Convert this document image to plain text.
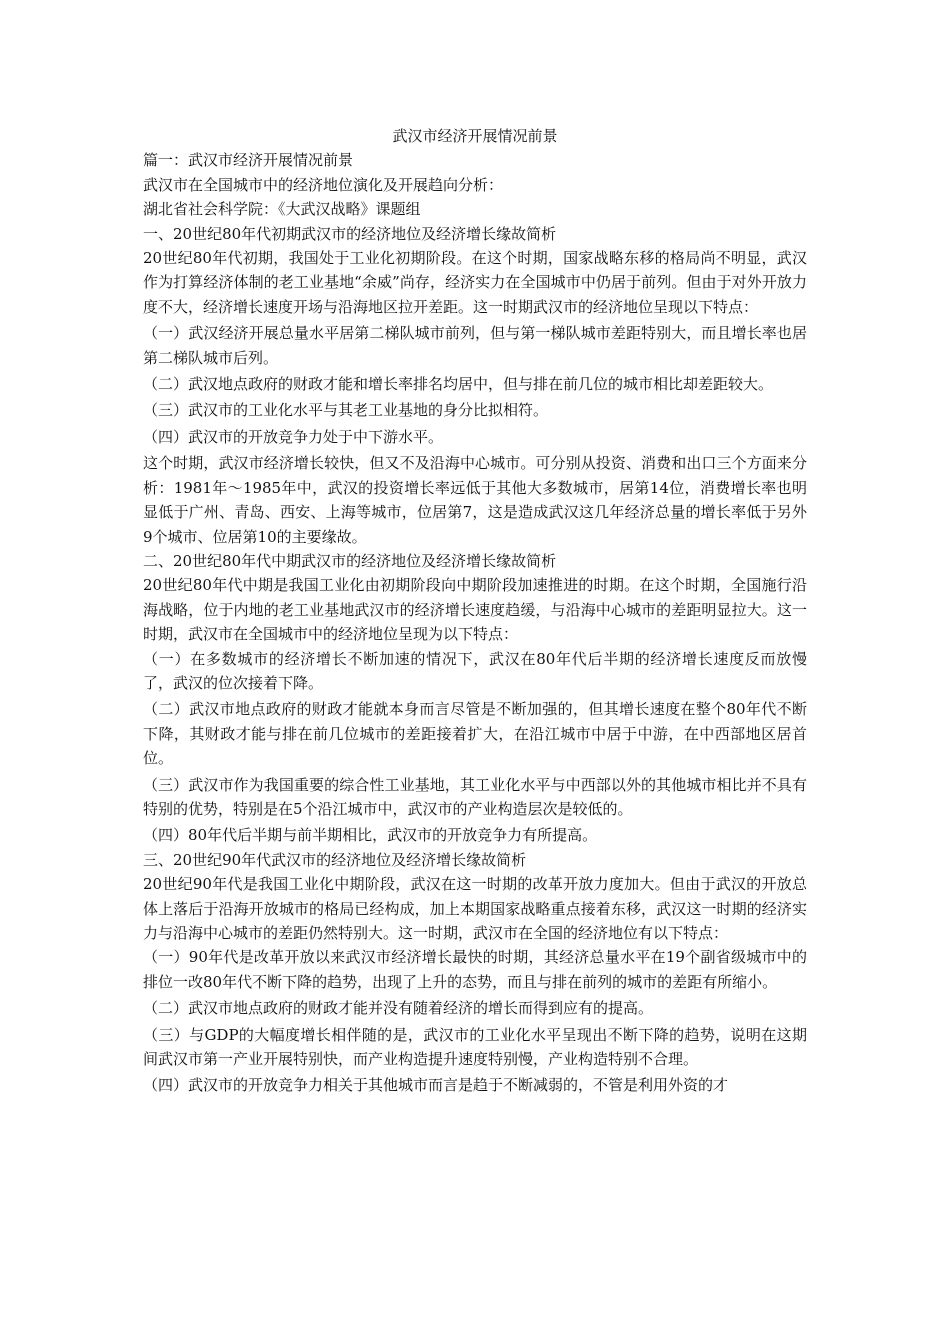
武汉市经济开展情况前景

篇一：武汉市经济开展情况前景

武汉市在全国城市中的经济地位演化及开展趋向分析：

湖北省社会科学院：《大武汉战略》课题组

一、20世纪80年代初期武汉市的经济地位及经济增长缘故简析

20世纪80年代初期，我国处于工业化初期阶段。在这个时期，国家战略东移的格局尚不明显，武汉作为打算经济体制的老工业基地“余威”尚存，经济实力在全国城市中仍居于前列。但由于对外开放力度不大，经济增长速度开场与沿海地区拉开差距。这一时期武汉市的经济地位呈现以下特点：

（一）武汉经济开展总量水平居第二梯队城市前列，但与第一梯队城市差距特别大，而且增长率也居第二梯队城市后列。

（二）武汉地点政府的财政才能和增长率排名均居中，但与排在前几位的城市相比却差距较大。

（三）武汉市的工业化水平与其老工业基地的身分比拟相符。

（四）武汉市的开放竞争力处于中下游水平。

这个时期，武汉市经济增长较快，但又不及沿海中心城市。可分别从投资、消费和出口三个方面来分析：1981年～1985年中，武汉的投资增长率远低于其他大多数城市，居第14位，消费增长率也明显低于广州、青岛、西安、上海等城市，位居第7，这是造成武汉这几年经济总量的增长率低于另外9个城市、位居第10的主要缘故。

二、20世纪80年代中期武汉市的经济地位及经济增长缘故简析

20世纪80年代中期是我国工业化由初期阶段向中期阶段加速推进的时期。在这个时期，全国施行沿海战略，位于内地的老工业基地武汉市的经济增长速度趋缓，与沿海中心城市的差距明显拉大。这一时期，武汉市在全国城市中的经济地位呈现为以下特点：

（一）在多数城市的经济增长不断加速的情况下，武汉在80年代后半期的经济增长速度反而放慢了，武汉的位次接着下降。

（二）武汉市地点政府的财政才能就本身而言尽管是不断加强的，但其增长速度在整个80年代不断下降，其财政才能与排在前几位城市的差距接着扩大，在沿江城市中居于中游，在中西部地区居首位。

（三）武汉市作为我国重要的综合性工业基地，其工业化水平与中西部以外的其他城市相比并不具有特别的优势，特别是在5个沿江城市中，武汉市的产业构造层次是较低的。

（四）80年代后半期与前半期相比，武汉市的开放竞争力有所提高。

三、20世纪90年代武汉市的经济地位及经济增长缘故简析

20世纪90年代是我国工业化中期阶段，武汉在这一时期的改革开放力度加大。但由于武汉的开放总体上落后于沿海开放城市的格局已经构成，加上本期国家战略重点接着东移，武汉这一时期的经济实力与沿海中心城市的差距仍然特别大。这一时期，武汉市在全国的经济地位有以下特点：

（一）90年代是改革开放以来武汉市经济增长最快的时期，其经济总量水平在19个副省级城市中的排位一改80年代不断下降的趋势，出现了上升的态势，而且与排在前列的城市的差距有所缩小。

（二）武汉市地点政府的财政才能并没有随着经济的增长而得到应有的提高。

（三）与GDP的大幅度增长相伴随的是，武汉市的工业化水平呈现出不断下降的趋势，说明在这期间武汉市第一产业开展特别快，而产业构造提升速度特别慢，产业构造特别不合理。

（四）武汉市的开放竞争力相关于其他城市而言是趋于不断减弱的，不管是利用外资的才
